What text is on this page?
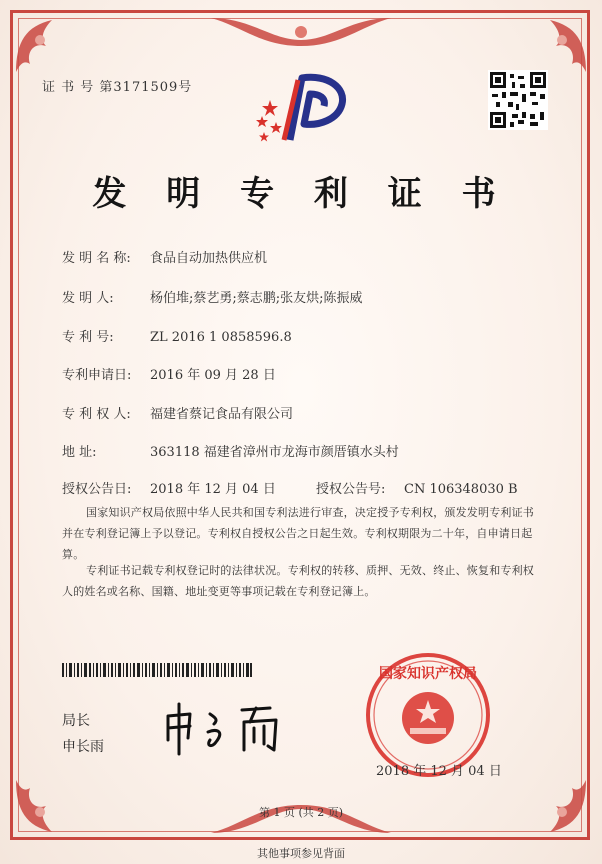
证 书 号 第3171509号
发 明 专 利 证 书
发 明 名 称: 食品自动加热供应机
发 明 人:	杨伯堆;蔡艺勇;蔡志鹏;张友烘;陈振威
专 利 号:	ZL 2016 1 0858596.8
专利申请日: 2016 年 09 月 28 日
专 利 权 人: 福建省蔡记食品有限公司
地 址:	363118 福建省漳州市龙海市颜厝镇水头村
授权公告日: 2018 年 12 月 04 日	授权公告号: CN 106348030 B
国家知识产权局依照中华人民共和国专利法进行审查，决定授予专利权，颁发发明专利证书并在专利登记簿上予以登记。专利权自授权公告之日起生效。专利权期限为二十年，自申请日起算。
专利证书记载专利权登记时的法律状况。专利权的转移、质押、无效、终止、恢复和专利权人的姓名或名称、国籍、地址变更等事项记载在专利登记簿上。
局长
申长雨
国家知识产权局
2018 年 12 月 04 日
第 1 页 (共 2 页)
其他事项参见背面
